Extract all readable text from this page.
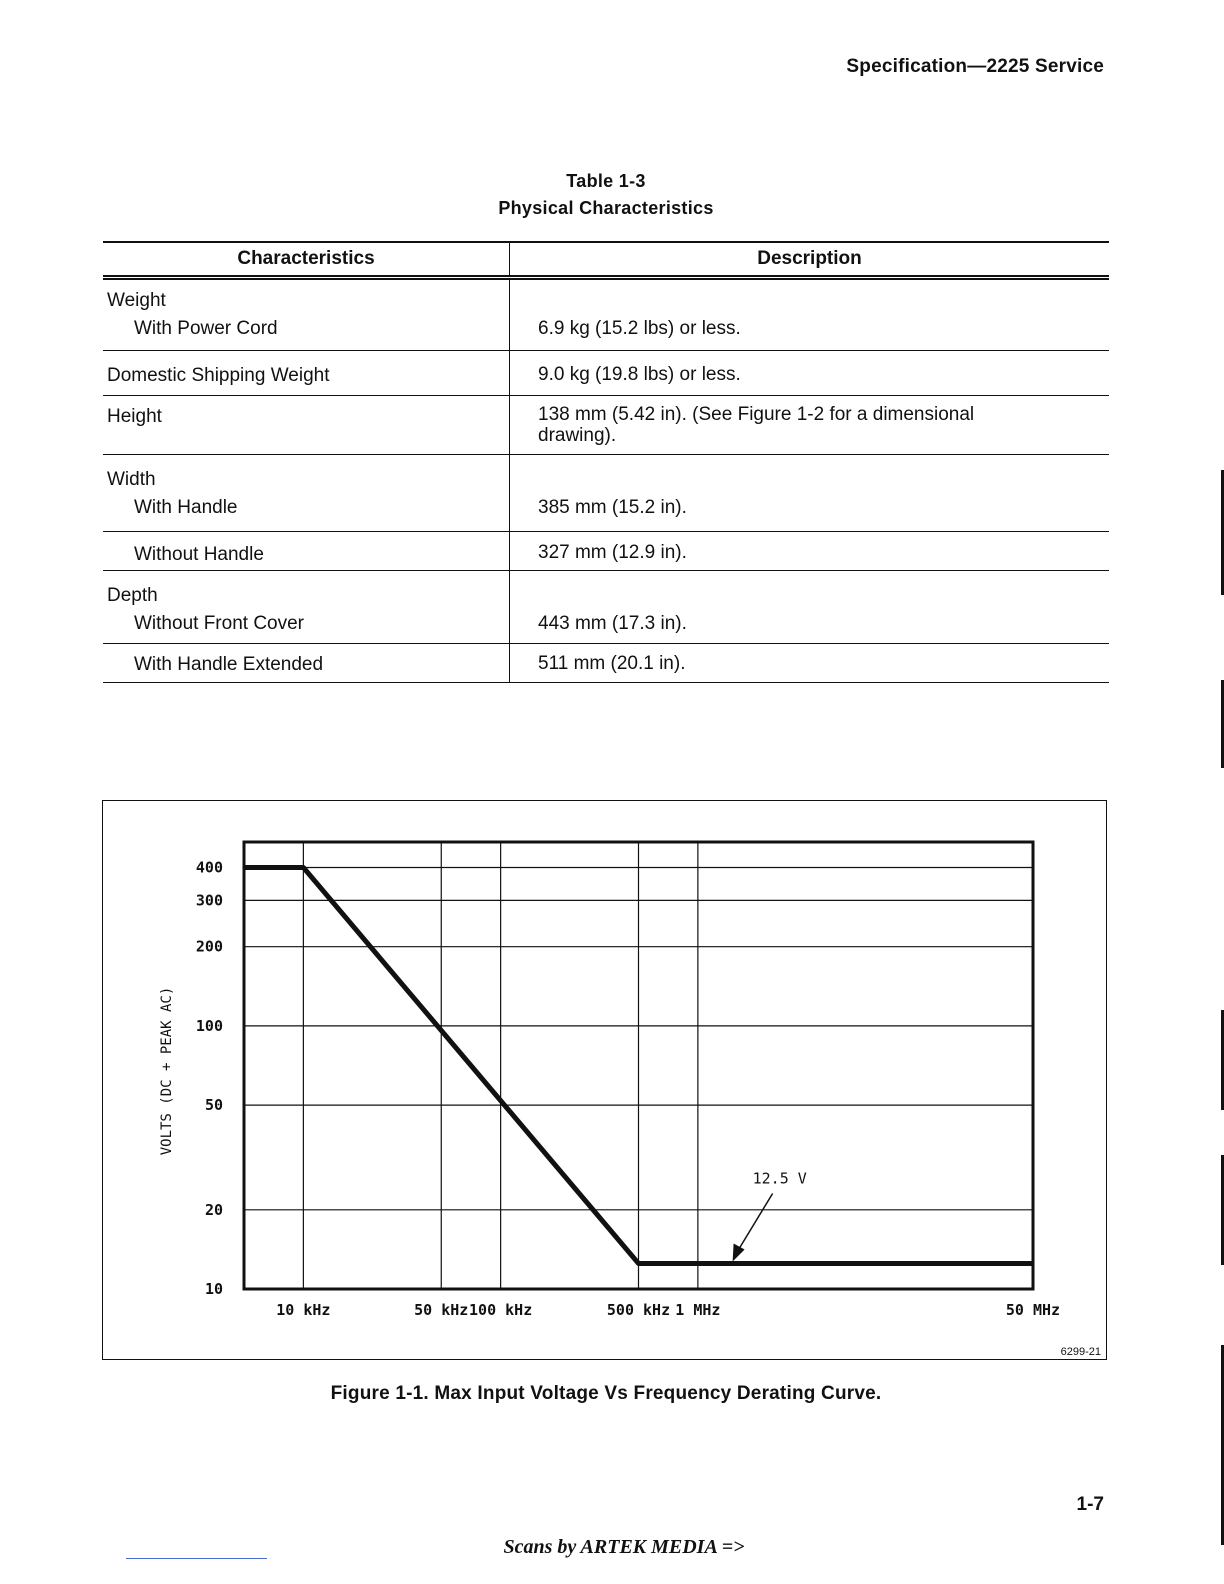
Specification—2225 Service
Table 1-3
Physical Characteristics
Characteristics	Description
Weight	

With Power Cord	6.9 kg (15.2 lbs) or less.

Domestic Shipping Weight	9.0 kg (19.8 lbs) or less.

Height	138 mm (5.42 in). (See Figure 1-2 for a dimensional drawing).

Width	

With Handle	385 mm (15.2 in).

Without Handle	327 mm (12.9 in).

Depth	

Without Front Cover	443 mm (17.3 in).

With Handle Extended	511 mm (20.1 in).
10
20
50
100
200
300
400
10 kHz	50 kHz 100 kHz	500 kHz 1 MHz	50 MHz
VOLTS (DC + PEAK AC)
12.5 V
6299-21
Figure 1-1. Max Input Voltage Vs Frequency Derating Curve.
1-7
Scans by ARTEK MEDIA =>
